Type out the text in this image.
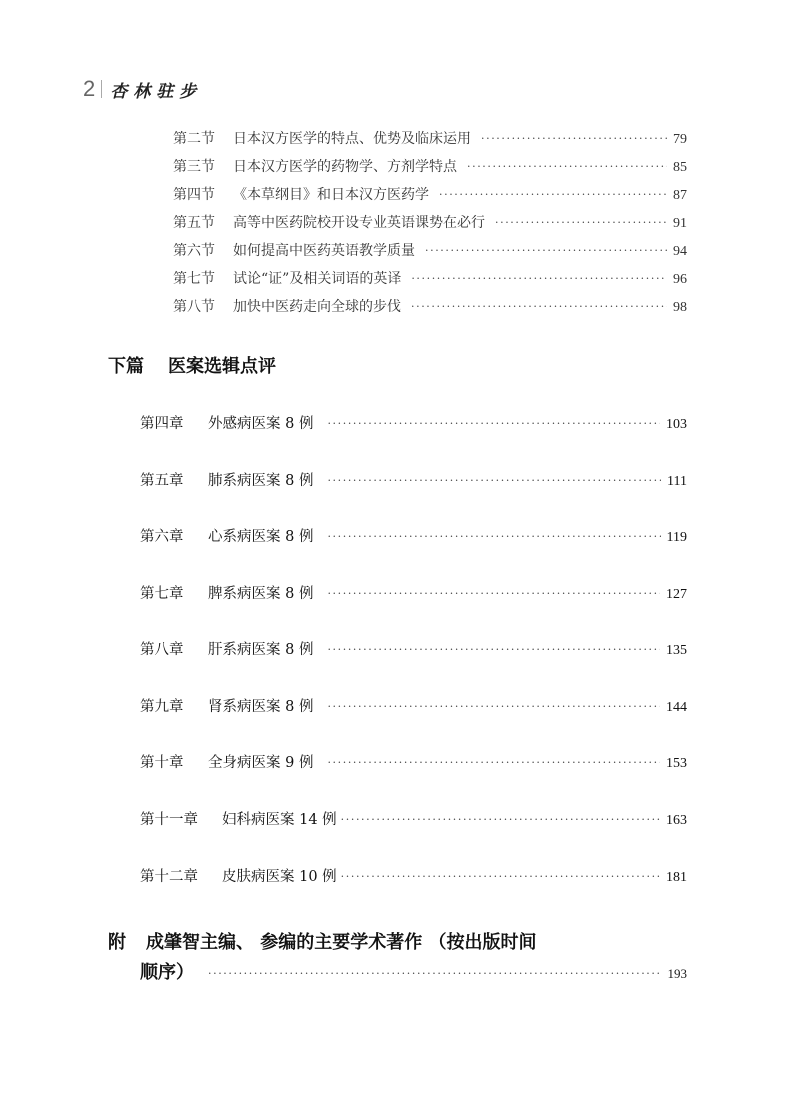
2 杏林驻步
第二节	日本汉方医学的特点、优势及临床运用 ·····	79
第三节	日本汉方医学的药物学、方剂学特点 ·····	85
第四节	《本草纲目》和日本汉方医药学 ·····	87
第五节	高等中医药院校开设专业英语课势在必行 ·····	91
第六节	如何提高中医药英语教学质量 ·····	94
第七节	试论“证”及相关词语的英译 ·····	96
第八节	加快中医药走向全球的步伐 ·····	98
下篇 医案选辑点评
第四章	外感病医案 8 例 ·····	103
第五章	肺系病医案 8 例 ·····	111
第六章	心系病医案 8 例 ·····	119
第七章	脾系病医案 8 例 ·····	127
第八章	肝系病医案 8 例 ·····	135
第九章	肾系病医案 8 例 ·····	144
第十章	全身病医案 9 例 ·····	153
第十一章	妇科病医案 14 例 ·····	163
第十二章	皮肤病医案 10 例 ·····	181
附 成肇智主编、 参编的主要学术著作 （按出版时间
顺序） ·····	193
